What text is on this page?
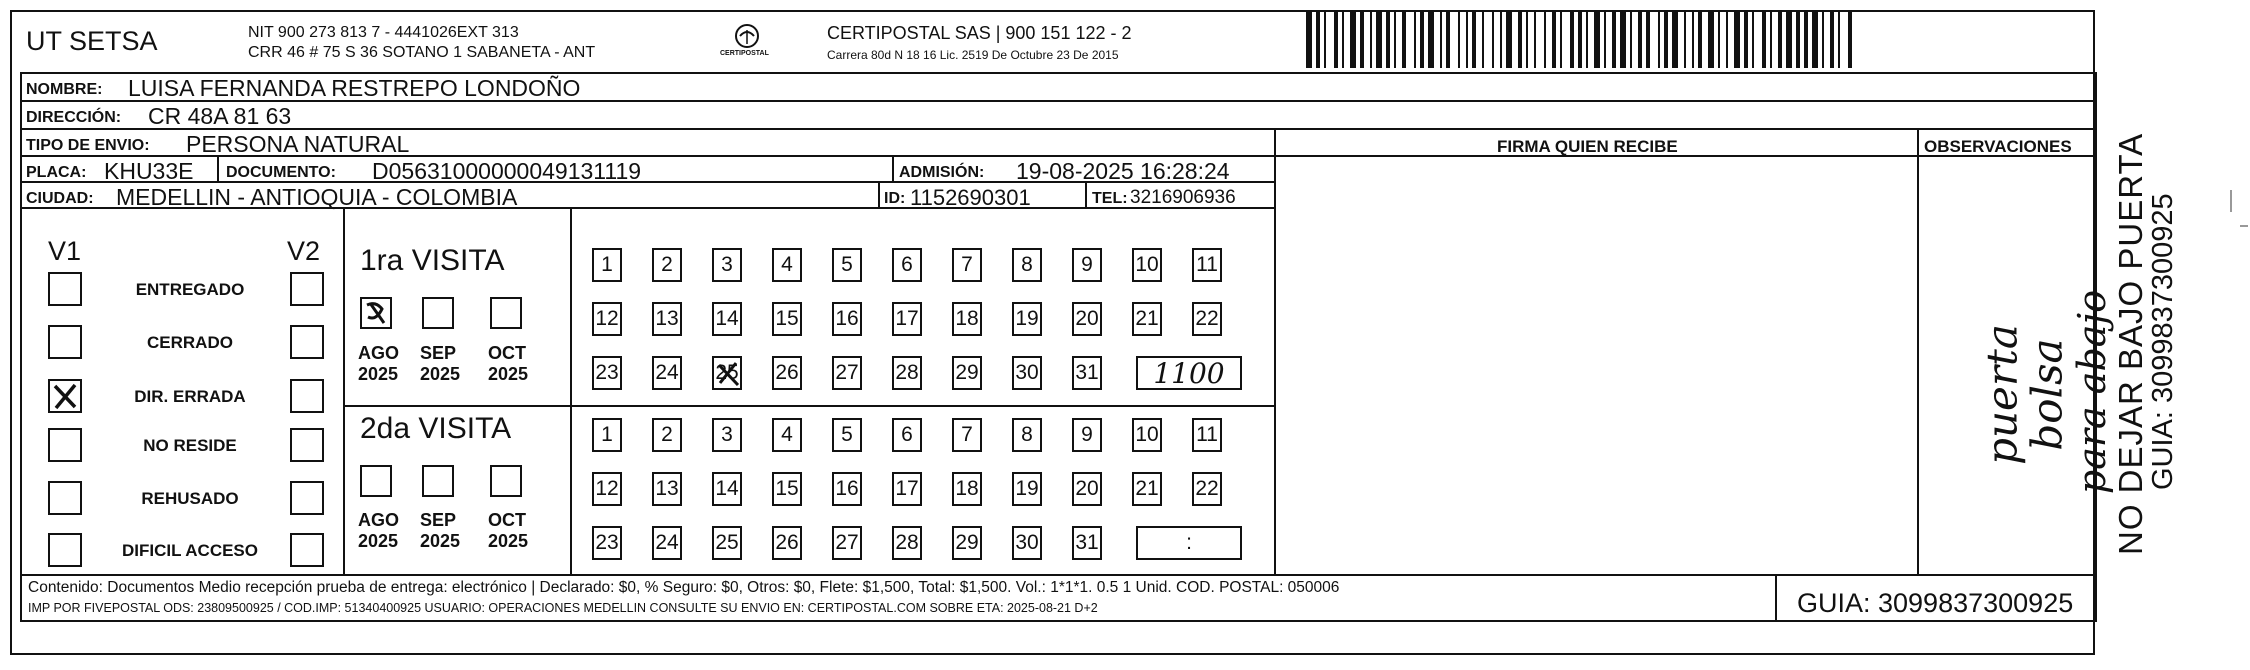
UT SETSA	NIT 900 273 813 7 - 4441026EXT 313
CRR 46 # 75 S 36 SOTANO 1 SABANETA - ANT	CERTIPOSTAL
CERTIPOSTAL SAS | 900 151 122 - 2
Carrera 80d N 18 16 Lic. 2519 De Octubre 23 De 2015
NOMBRE: LUISA FERNANDA RESTREPO LONDOÑO
DIRECCIÓN: CR 48A 81 63
TIPO DE ENVIO: PERSONA NATURAL	FIRMA QUIEN RECIBE	OBSERVACIONES
PLACA: KHU33E DOCUMENTO: D05631000000049131119	ADMISIÓN: 19-08-2025 16:28:24
CIUDAD: MEDELLIN - ANTIOQUIA - COLOMBIA	ID: 1152690301	TEL: 3216906936
V1	V2 1ra VISITA
2da VISITA	puerta
bolsa
para abajo
Contenido: Documentos Medio recepción prueba de entrega: electrónico | Declarado: $0, % Seguro: $0, Otros: $0, Flete: $1,500, Total: $1,500. Vol.: 1*1*1. 0.5 1 Unid. COD. POSTAL: 050006
IMP POR FIVEPOSTAL ODS: 23809500925 / COD.IMP: 51340400925 USUARIO: OPERACIONES MEDELLIN CONSULTE SU ENVIO EN: CERTIPOSTAL.COM SOBRE ETA: 2025-08-21 D+2	GUIA: 3099837300925
NO DEJAR BAJO PUERTA
GUIA: 3099837300925
ENTREGADO
CERRADO
DIR. ERRADA
NO RESIDE
REHUSADO
DIFICIL ACCESO
AGO
2025
SEP
2025
OCT
2025
AGO
2025
SEP
2025
OCT
2025
1	2	3	4	5	6	7	8	9	10 11
12 13 14 15 16 17 18 19 20 21 22
23 24 25 26 27 28 29 30 31	1100
1	2	3	4	5	6	7	8	9	10 11
12 13 14 15 16 17 18 19 20 21 22
23 24 25 26 27 28 29 30 31	:
